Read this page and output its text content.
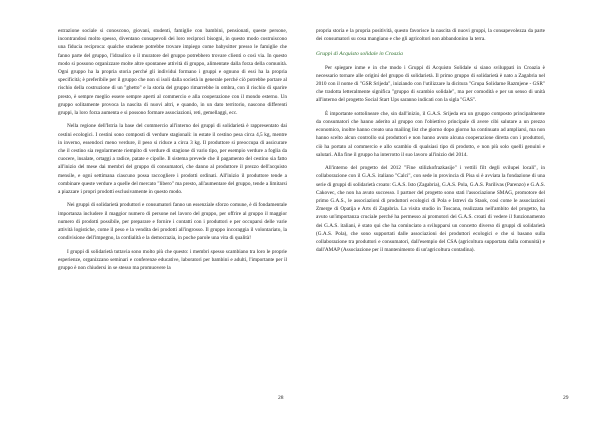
estrazione sociale si conoscono, giovani, studenti, famiglie con bambini, pensionati, queste persone, incontrandosi molto spesso, diventano consapevoli dei loro reciproci bisogni, in questo modo costruiscono una fiducia reciproca: qualche studente potrebbe trovare impiego come babysitter presso le famiglie che fanno parte del gruppo, l'idraulico o il muratore del gruppo potrebbero trovare clienti o così via. In questo modo si possono organizzare molte altre spontanee attività di gruppo, alimentate dalla forza della comunità. Ogni gruppo ha la propria storia perché gli individui formano i gruppi e ognuno di essi ha la propria specificità; è preferibile per il gruppo che non si isoli dalla società in generale perché ciò potrebbe portare al rischio della costruzione di un "ghetto" e la storia del gruppo rimarrebbe in ombra, con il rischio di sparire presto, è sempre meglio essere sempre aperti al commercio e alla cooperazione con il mondo esterno. Un gruppo solitamente provoca la nascita di nuovi altri, e quando, in un dato territorio, nascono differenti gruppi, la loro forza aumenta e si possono formare associazioni, reti, gemellaggi, ecc.

Nella regione dell'Istria la base del commercio all'interno dei gruppi di solidarietà è rappresentato dai cestini ecologici. I cestini sono composti di verdure stagionali: in estate il cestino pesa circa 4,5 kg, mentre in inverno, essendoci meno verdure, il peso si riduce a circa 3 kg. Il produttore si preoccupa di assicurare che il cestino sia regolarmente riempito di verdure di stagione di vario tipo, per esempio verdure a foglia da cuocere, insalate, ortaggi a radice, patate e cipolle. Il sistema prevede che il pagamento del cestino sia fatto all'inizio del mese dai membri del gruppo di consumatori, che danno al produttore il prezzo dell'acquisto mensile, e ogni settimana ciascuno possa raccogliere i prodotti ordinati. All'inizio il produttore tende a combinare queste verdure a quelle del mercato "libero" ma presto, all'aumentare del gruppo, tende a limitarsi a piazzare i propri prodotti esclusivamente in questo modo.

Nei gruppi di solidarietà produttori e consumatori fanno un essenziale sforzo comune, è di fondamentale importanza includere il maggior numero di persone nel lavoro del gruppo, per offrire al gruppo il maggior numero di prodotti possibile, per preparare e fornire i contatti con i produttori e per occuparsi delle varie attività logistiche, come il peso e la vendita dei prodotti all'ingrosso. Il gruppo incoraggia il volontariato, la condivisione dell'impegno, la cordialità e la democrazia, in poche parole una vita di qualità!

I gruppi di solidarietà tuttavia sono molto più che questo: i membri spesso scambiano tra loro le proprie esperienze, organizzano seminari e conferenze educative, laboratori per bambini e adulti, l'importante per il gruppo è non chiudersi in se stesso ma promuovere la

28

propria storia e la propria positività, questo favorisce la nascita di nuovi gruppi, la consapevolezza da parte dei consumatori su cosa mangiano e che gli agricoltori non abbandonino la terra.

Gruppi di Acquisto solidale in Croazia

Per spiegare inme e in che modo i Gruppi di Acquisto Solidale si siano sviluppati in Croazia è necessario tornare alle origini del gruppo di solidarietà. Il primo gruppo di solidarietà è nato a Zagabria nel 2010 con il nome di "GSR Srijeda", iniziando con l'utilizzare la dicitura "Grupa Solidarne Razmjene - GSR" che tradotta letteralmente significa "gruppo di scambio solidale", ma per comodità e per un senso di unità all'interno del progetto Social Start Ups saranno indicati con la sigla "GAS".

È importante sottolineare che, sin dall'inizio, il G.A.S. Srijeda era un gruppo composto principalmente da consumatori che hanno aderito al gruppo con l'obiettivo principale di avere cibi salutare a un prezzo economico, inoltre hanno creato una mailing list che giorno dopo giorno ha continuato ad ampliarsi, ma non hanno scelto alcun controllo sui produttori e non hanno avuto alcuna cooperazione diretta con i produttori, ciò ha portato al commercio e allo scambio di qualsiasi tipo di prodotto, e non più solo quelli genuini e salutari. Alla fine il gruppo ha interrotto il suo lavoro all'inizio del 2014.

All'interno del progetto del 2012 "Fine stilizkofrazkasije" i vettili filt degli svilupei locali", in collaborazione con il G.A.S. italiano "Calci", con sede in provincia di Pisa si è avviata la fondazione di una serie di gruppi di solidarietà croato: G.A.S. Isto (Zagabria), G.A.S. Pola, G.A.S. Parilivas (Parenzo) e G.A.S. Cakovec, che non ha avuto successo. I partner del progetto sono stati l'associazione SMAG, promotore del primo G.A.S., le associazioni di produttori ecologici di Pola e Istrevi da Staok, così come le associazioni Zmerge di Opatija e Arts di Zagabria. La visita studio in Toscana, realizzata nell'ambito del progetto, ha avuto un'importanza cruciale perché ha permesso ai promotori dei G.A.S. croati di vedere il funzionamento dei G.A.S. italiani, è stato qui che ha cominciato a svilupparsi un concetto diverso di gruppi di solidarietà (G.A.S. Pola), che sono supportati dalle associazioni dei produttori ecologici e che si basano sulla collaborazione tra produttori e consumatori, dall'esempio del CSA (agricoltura supportata dalla comunità) e dall'AMAP (Associazione per il mantenimento di un'agricoltura contadina).

29
